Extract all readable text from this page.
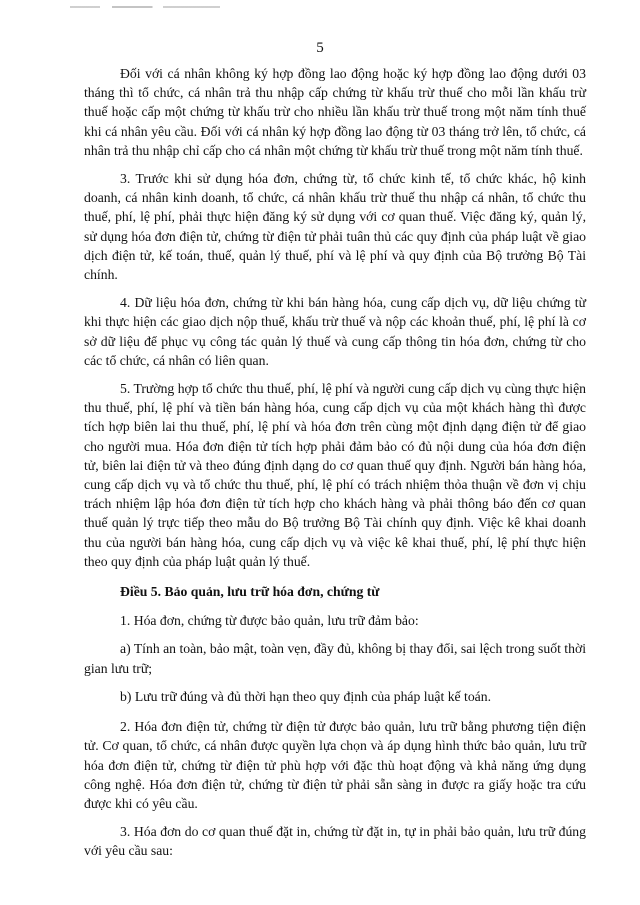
5

Đối với cá nhân không ký hợp đồng lao động hoặc ký hợp đồng lao động dưới 03 tháng thì tổ chức, cá nhân trả thu nhập cấp chứng từ khấu trừ thuế cho mỗi lần khấu trừ thuế hoặc cấp một chứng từ khấu trừ cho nhiều lần khấu trừ thuế trong một năm tính thuế khi cá nhân yêu cầu. Đối với cá nhân ký hợp đồng lao động từ 03 tháng trở lên, tổ chức, cá nhân trả thu nhập chỉ cấp cho cá nhân một chứng từ khấu trừ thuế trong một năm tính thuế.

3. Trước khi sử dụng hóa đơn, chứng từ, tổ chức kinh tế, tổ chức khác, hộ kinh doanh, cá nhân kinh doanh, tổ chức, cá nhân khấu trừ thuế thu nhập cá nhân, tổ chức thu thuế, phí, lệ phí, phải thực hiện đăng ký sử dụng với cơ quan thuế. Việc đăng ký, quản lý, sử dụng hóa đơn điện tử, chứng từ điện tử phải tuân thủ các quy định của pháp luật về giao dịch điện tử, kế toán, thuế, quản lý thuế, phí và lệ phí và quy định của Bộ trưởng Bộ Tài chính.

4. Dữ liệu hóa đơn, chứng từ khi bán hàng hóa, cung cấp dịch vụ, dữ liệu chứng từ khi thực hiện các giao dịch nộp thuế, khấu trừ thuế và nộp các khoản thuế, phí, lệ phí là cơ sở dữ liệu để phục vụ công tác quản lý thuế và cung cấp thông tin hóa đơn, chứng từ cho các tổ chức, cá nhân có liên quan.

5. Trường hợp tổ chức thu thuế, phí, lệ phí và người cung cấp dịch vụ cùng thực hiện thu thuế, phí, lệ phí và tiền bán hàng hóa, cung cấp dịch vụ của một khách hàng thì được tích hợp biên lai thu thuế, phí, lệ phí và hóa đơn trên cùng một định dạng điện tử để giao cho người mua. Hóa đơn điện tử tích hợp phải đảm bảo có đủ nội dung của hóa đơn điện tử, biên lai điện tử và theo đúng định dạng do cơ quan thuế quy định. Người bán hàng hóa, cung cấp dịch vụ và tổ chức thu thuế, phí, lệ phí có trách nhiệm thỏa thuận về đơn vị chịu trách nhiệm lập hóa đơn điện tử tích hợp cho khách hàng và phải thông báo đến cơ quan thuế quản lý trực tiếp theo mẫu do Bộ trưởng Bộ Tài chính quy định. Việc kê khai doanh thu của người bán hàng hóa, cung cấp dịch vụ và việc kê khai thuế, phí, lệ phí thực hiện theo quy định của pháp luật quản lý thuế.

Điều 5. Bảo quản, lưu trữ hóa đơn, chứng từ

1. Hóa đơn, chứng từ được bảo quản, lưu trữ đảm bảo:

a) Tính an toàn, bảo mật, toàn vẹn, đầy đủ, không bị thay đổi, sai lệch trong suốt thời gian lưu trữ;

b) Lưu trữ đúng và đủ thời hạn theo quy định của pháp luật kế toán.

2. Hóa đơn điện tử, chứng từ điện tử được bảo quản, lưu trữ bằng phương tiện điện tử. Cơ quan, tổ chức, cá nhân được quyền lựa chọn và áp dụng hình thức bảo quản, lưu trữ hóa đơn điện tử, chứng từ điện tử phù hợp với đặc thù hoạt động và khả năng ứng dụng công nghệ. Hóa đơn điện tử, chứng từ điện tử phải sẵn sàng in được ra giấy hoặc tra cứu được khi có yêu cầu.

3. Hóa đơn do cơ quan thuế đặt in, chứng từ đặt in, tự in phải bảo quản, lưu trữ đúng với yêu cầu sau:
